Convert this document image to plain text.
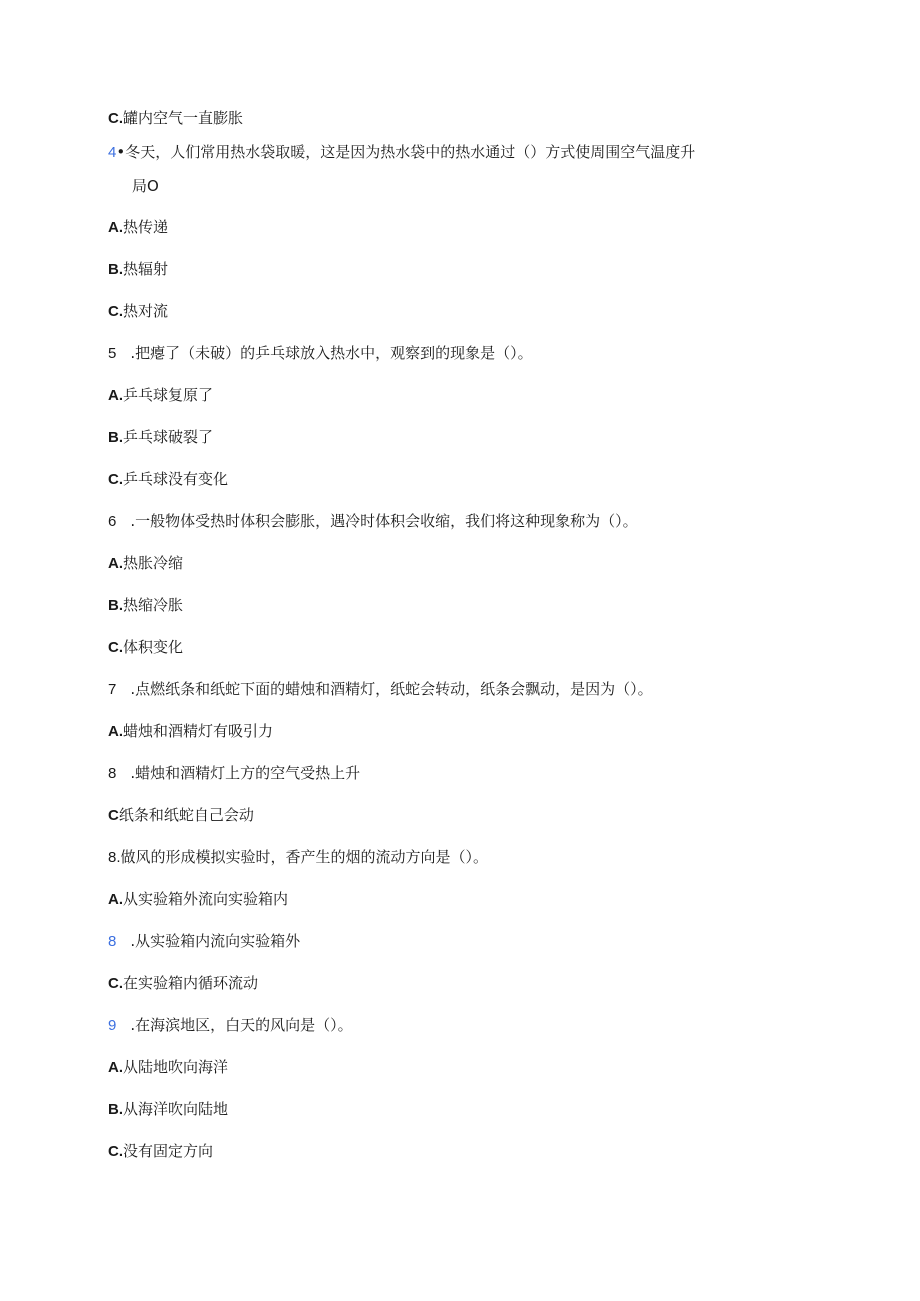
C.罐内空气一直膨胀
4•冬天，人们常用热水袋取暖，这是因为热水袋中的热水通过（）方式使周围空气温度升
局O
A.热传递
B.热辐射
C.热对流
5 .把瘪了（未破）的乒乓球放入热水中，观察到的现象是（）。
A.乒乓球复原了
B.乒乓球破裂了
C.乒乓球没有变化
6 .一般物体受热时体积会膨胀，遇冷时体积会收缩，我们将这种现象称为（）。
A.热胀冷缩
B.热缩冷胀
C.体积变化
7 .点燃纸条和纸蛇下面的蜡烛和酒精灯，纸蛇会转动，纸条会飘动，是因为（）。
A.蜡烛和酒精灯有吸引力
8 .蜡烛和酒精灯上方的空气受热上升
C纸条和纸蛇自己会动
8.做风的形成模拟实验时，香产生的烟的流动方向是（）。
A.从实验箱外流向实验箱内
8 .从实验箱内流向实验箱外
C.在实验箱内循环流动
9 .在海滨地区，白天的风向是（）。
A.从陆地吹向海洋
B.从海洋吹向陆地
C.没有固定方向
